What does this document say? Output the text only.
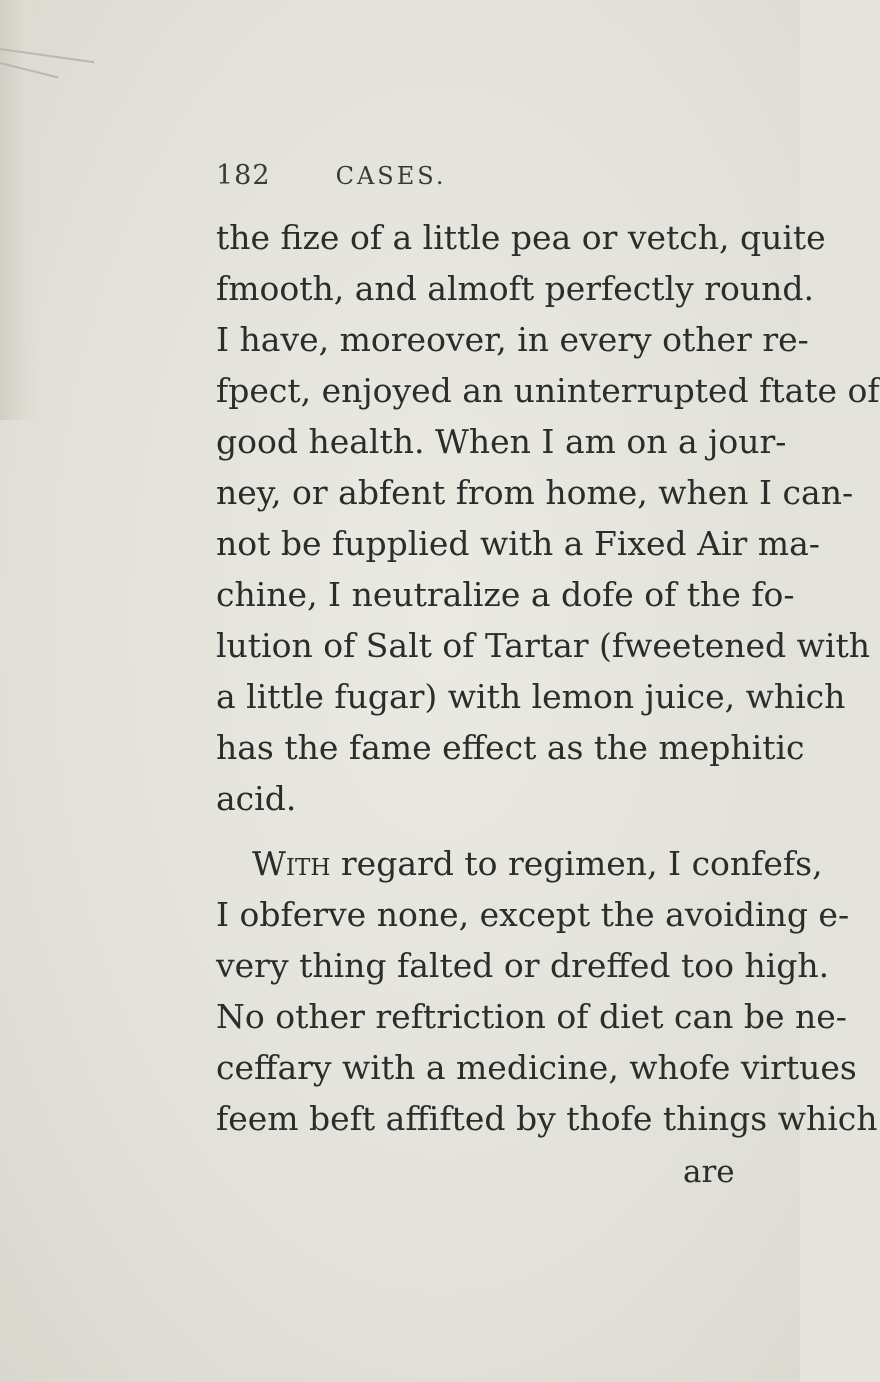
182	CASES.
the fize of a little pea or vetch, quite
fmooth, and almoft perfectly round.
I have, moreover, in every other re-
fpect, enjoyed an uninterrupted ftate of
good health. When I am on a jour-
ney, or abfent from home, when I can-
not be fupplied with a Fixed Air ma-
chine, I neutralize a dofe of the fo-
lution of Salt of Tartar (fweetened with
a little fugar) with lemon juice, which
has the fame effect as the mephitic
acid.
With regard to regimen, I confefs,
I obferve none, except the avoiding e-
very thing falted or dreffed too high.
No other reftriction of diet can be ne-
ceffary with a medicine, whofe virtues
feem beft affifted by thofe things which
are
